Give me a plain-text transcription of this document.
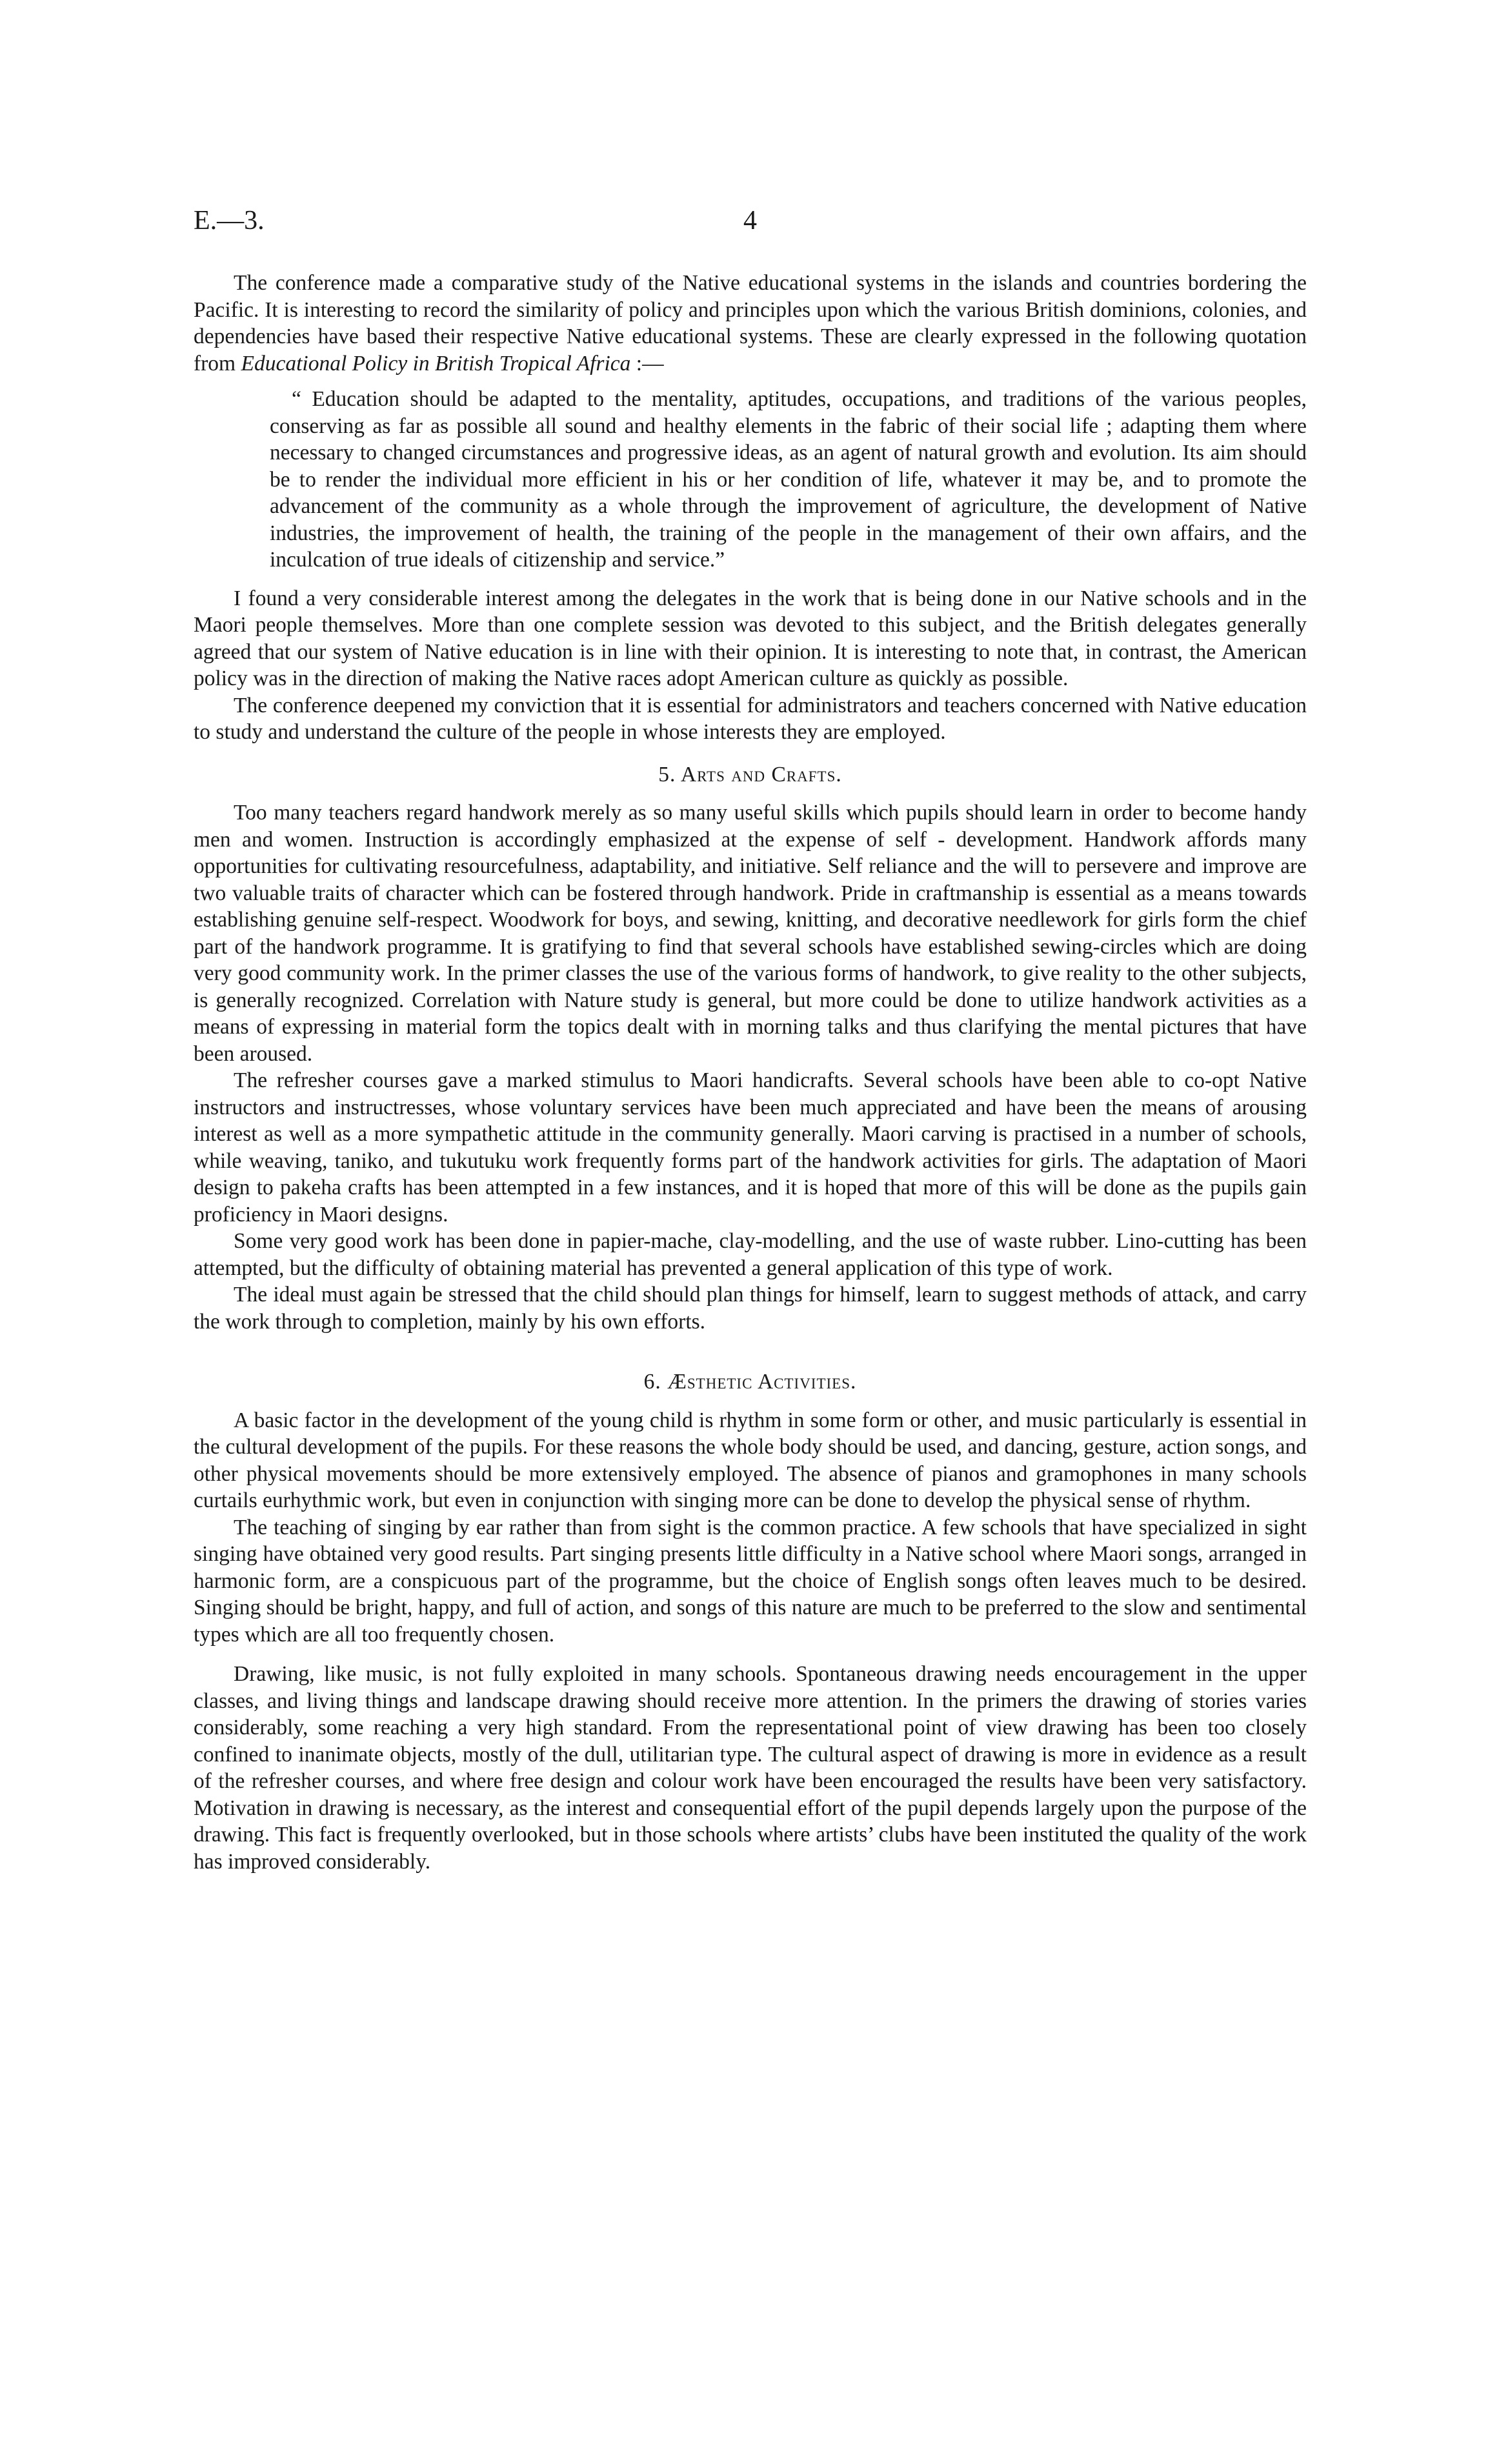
E.—3.	4

The conference made a comparative study of the Native educational systems in the islands and countries bordering the Pacific. It is interesting to record the similarity of policy and principles upon which the various British dominions, colonies, and dependencies have based their respective Native educational systems. These are clearly expressed in the following quotation from Educational Policy in British Tropical Africa :—

“ Education should be adapted to the mentality, aptitudes, occupations, and traditions of the various peoples, conserving as far as possible all sound and healthy elements in the fabric of their social life ; adapting them where necessary to changed circumstances and progressive ideas, as an agent of natural growth and evolution. Its aim should be to render the individual more efficient in his or her condition of life, whatever it may be, and to promote the advancement of the community as a whole through the improvement of agriculture, the development of Native industries, the improvement of health, the training of the people in the management of their own affairs, and the inculcation of true ideals of citizenship and service.”

I found a very considerable interest among the delegates in the work that is being done in our Native schools and in the Maori people themselves. More than one complete session was devoted to this subject, and the British delegates generally agreed that our system of Native education is in line with their opinion. It is interesting to note that, in contrast, the American policy was in the direction of making the Native races adopt American culture as quickly as possible.

The conference deepened my conviction that it is essential for administrators and teachers concerned with Native education to study and understand the culture of the people in whose interests they are employed.

5. Arts and Crafts.

Too many teachers regard handwork merely as so many useful skills which pupils should learn in order to become handy men and women. Instruction is accordingly emphasized at the expense of self - development. Handwork affords many opportunities for cultivating resourcefulness, adaptability, and initiative. Self reliance and the will to persevere and improve are two valuable traits of character which can be fostered through handwork. Pride in craftmanship is essential as a means towards establishing genuine self-respect. Woodwork for boys, and sewing, knitting, and decorative needlework for girls form the chief part of the handwork programme. It is gratifying to find that several schools have established sewing-circles which are doing very good community work. In the primer classes the use of the various forms of handwork, to give reality to the other subjects, is generally recognized. Correlation with Nature study is general, but more could be done to utilize handwork activities as a means of expressing in material form the topics dealt with in morning talks and thus clarifying the mental pictures that have been aroused.

The refresher courses gave a marked stimulus to Maori handicrafts. Several schools have been able to co-opt Native instructors and instructresses, whose voluntary services have been much appreciated and have been the means of arousing interest as well as a more sympathetic attitude in the community generally. Maori carving is practised in a number of schools, while weaving, taniko, and tukutuku work frequently forms part of the handwork activities for girls. The adaptation of Maori design to pakeha crafts has been attempted in a few instances, and it is hoped that more of this will be done as the pupils gain proficiency in Maori designs.

Some very good work has been done in papier-mache, clay-modelling, and the use of waste rubber. Lino-cutting has been attempted, but the difficulty of obtaining material has prevented a general application of this type of work.

The ideal must again be stressed that the child should plan things for himself, learn to suggest methods of attack, and carry the work through to completion, mainly by his own efforts.

6. Æsthetic Activities.

A basic factor in the development of the young child is rhythm in some form or other, and music particularly is essential in the cultural development of the pupils. For these reasons the whole body should be used, and dancing, gesture, action songs, and other physical movements should be more extensively employed. The absence of pianos and gramophones in many schools curtails eurhythmic work, but even in conjunction with singing more can be done to develop the physical sense of rhythm.

The teaching of singing by ear rather than from sight is the common practice. A few schools that have specialized in sight singing have obtained very good results. Part singing presents little difficulty in a Native school where Maori songs, arranged in harmonic form, are a conspicuous part of the programme, but the choice of English songs often leaves much to be desired. Singing should be bright, happy, and full of action, and songs of this nature are much to be preferred to the slow and sentimental types which are all too frequently chosen.

Drawing, like music, is not fully exploited in many schools. Spontaneous drawing needs encouragement in the upper classes, and living things and landscape drawing should receive more attention. In the primers the drawing of stories varies considerably, some reaching a very high standard. From the representational point of view drawing has been too closely confined to inanimate objects, mostly of the dull, utilitarian type. The cultural aspect of drawing is more in evidence as a result of the refresher courses, and where free design and colour work have been encouraged the results have been very satisfactory. Motivation in drawing is necessary, as the interest and consequential effort of the pupil depends largely upon the purpose of the drawing. This fact is frequently overlooked, but in those schools where artists’ clubs have been instituted the quality of the work has improved considerably.
